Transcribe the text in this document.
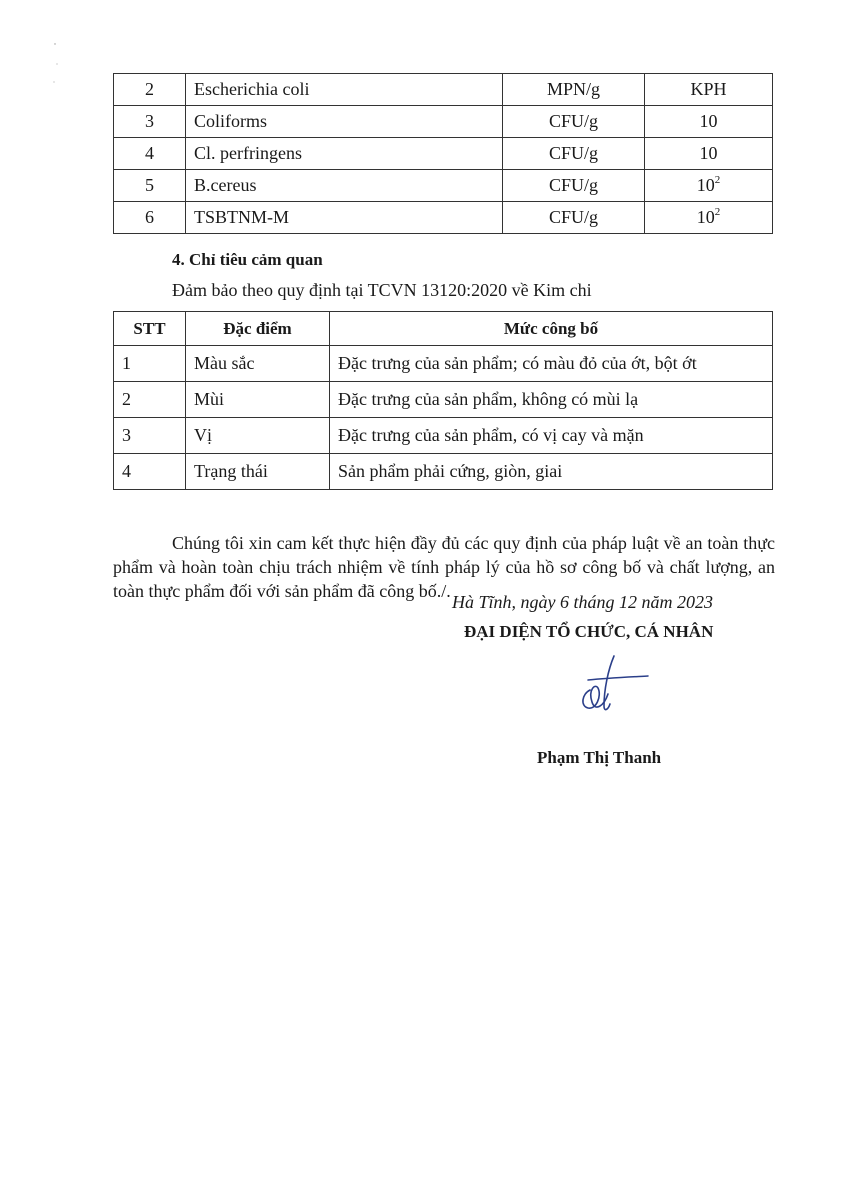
2	Escherichia coli	MPN/g	KPH
3	Coliforms	CFU/g	10
4	Cl. perfringens	CFU/g	10
5	B.cereus	CFU/g	$10^2$
6	TSBTNM-M	CFU/g	$10^2$
4. Chỉ tiêu cảm quan
Đảm bảo theo quy định tại TCVN 13120:2020 về Kim chi
STT	Đặc điểm	Mức công bố
1	Màu sắc	Đặc trưng của sản phẩm; có màu đỏ của ớt, bột ớt
2	Mùi	Đặc trưng của sản phẩm, không có mùi lạ
3	Vị	Đặc trưng của sản phẩm, có vị cay và mặn
4	Trạng thái	Sản phẩm phải cứng, giòn, giai

Chúng tôi xin cam kết thực hiện đầy đủ các quy định của pháp luật về an toàn thực phẩm và hoàn toàn chịu trách nhiệm về tính pháp lý của hồ sơ công bố và chất lượng, an toàn thực phẩm đối với sản phẩm đã công bố./.

Hà Tĩnh, ngày 6 tháng 12 năm 2023
ĐẠI DIỆN TỔ CHỨC, CÁ NHÂN
Phạm Thị Thanh
